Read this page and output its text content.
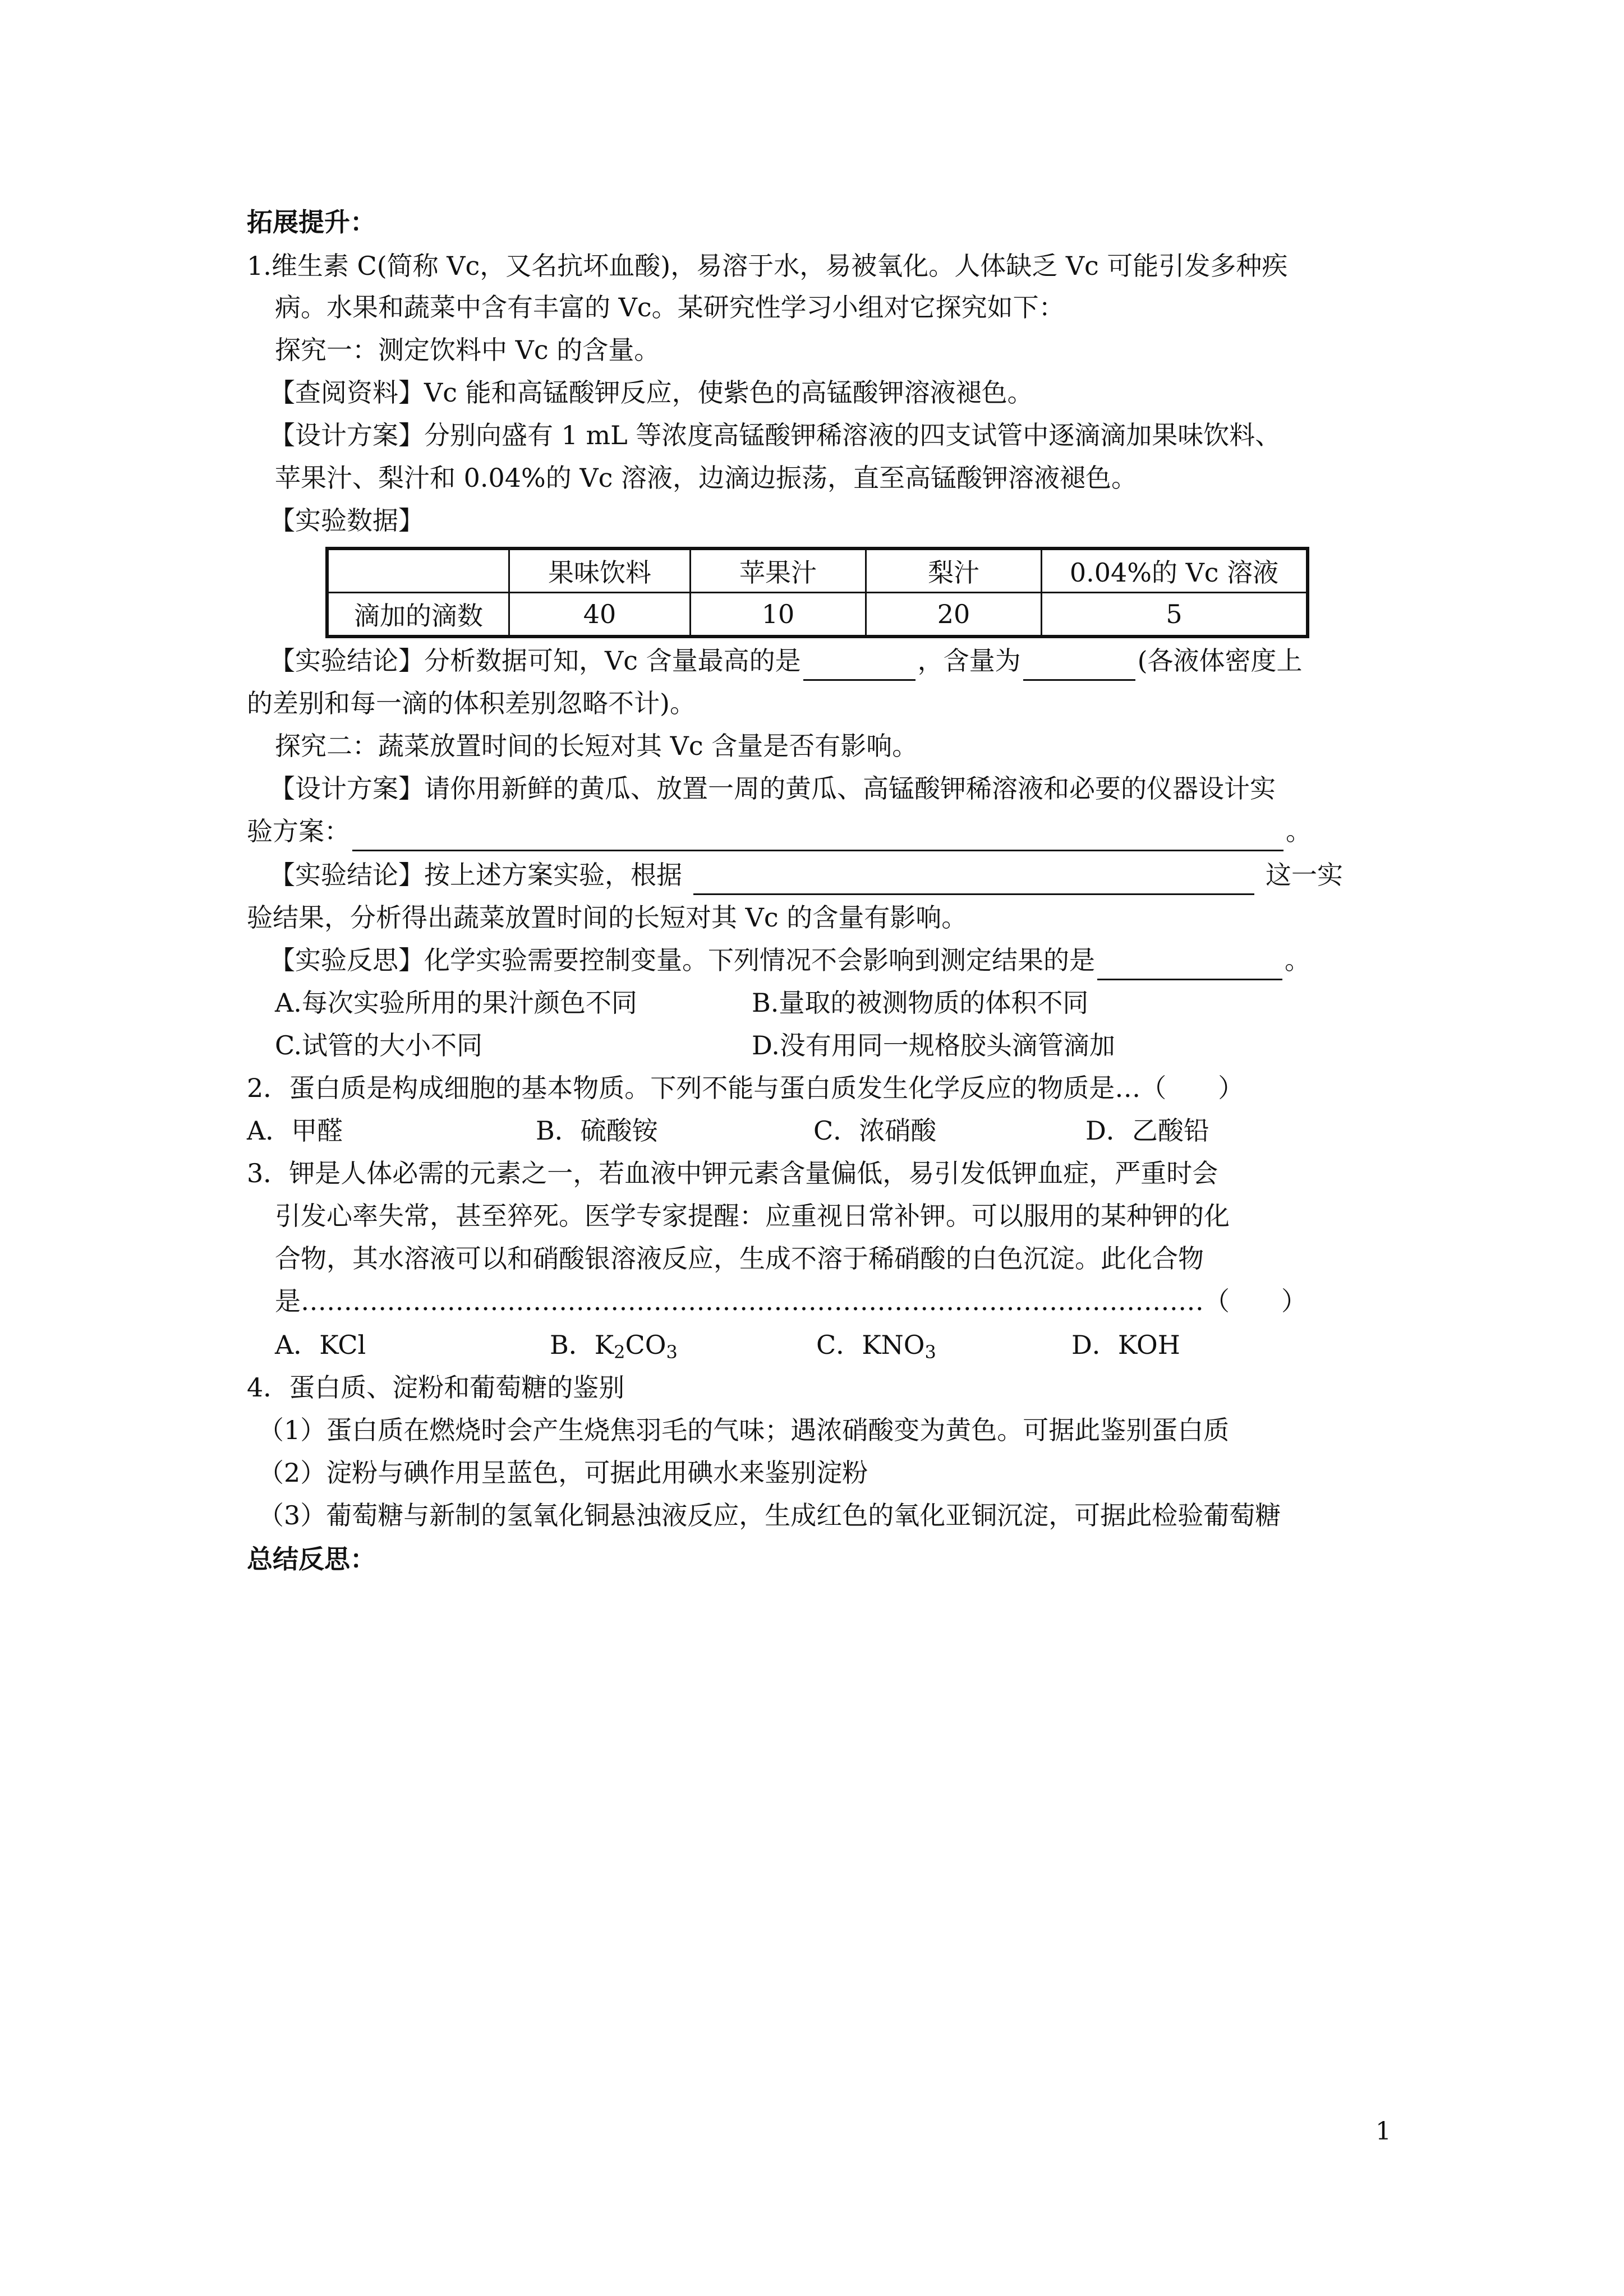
拓展提升：
1.维生素 C(简称 Vc，又名抗坏血酸)，易溶于水，易被氧化。人体缺乏 Vc 可能引发多种疾
病。水果和蔬菜中含有丰富的 Vc。某研究性学习小组对它探究如下：
探究一：测定饮料中 Vc 的含量。
【查阅资料】Vc 能和高锰酸钾反应，使紫色的高锰酸钾溶液褪色。
【设计方案】分别向盛有 1 mL 等浓度高锰酸钾稀溶液的四支试管中逐滴滴加果味饮料、
苹果汁、梨汁和 0.04%的 Vc 溶液，边滴边振荡，直至高锰酸钾溶液褪色。
【实验数据】
	果味饮料	苹果汁	梨汁	0.04%的 Vc 溶液
滴加的滴数	40	10	20	5
【实验结论】分析数据可知，Vc 含量最高的是	，含量为	(各液体密度上
的差别和每一滴的体积差别忽略不计)。
探究二：蔬菜放置时间的长短对其 Vc 含量是否有影响。
【设计方案】请你用新鲜的黄瓜、放置一周的黄瓜、高锰酸钾稀溶液和必要的仪器设计实
验方案：	。
【实验结论】按上述方案实验，根据	这一实
验结果，分析得出蔬菜放置时间的长短对其 Vc 的含量有影响。
【实验反思】化学实验需要控制变量。下列情况不会影响到测定结果的是	。
A.每次实验所用的果汁颜色不同	B.量取的被测物质的体积不同
C.试管的大小不同	D.没有用同一规格胶头滴管滴加
2．蛋白质是构成细胞的基本物质。下列不能与蛋白质发生化学反应的物质是…（　　）
A．甲醛	B．硫酸铵	C．浓硝酸	D．乙酸铅
3．钾是人体必需的元素之一，若血液中钾元素含量偏低，易引发低钾血症，严重时会
引发心率失常，甚至猝死。医学专家提醒：应重视日常补钾。可以服用的某种钾的化
合物，其水溶液可以和硝酸银溶液反应，生成不溶于稀硝酸的白色沉淀。此化合物
是……………………………………………………………………………………………（　　）
A．KCl	B．$K_2CO_3$	C．$KNO_3$	D．KOH
4．蛋白质、淀粉和葡萄糖的鉴别
（1）蛋白质在燃烧时会产生烧焦羽毛的气味；遇浓硝酸变为黄色。可据此鉴别蛋白质
（2）淀粉与碘作用呈蓝色，可据此用碘水来鉴别淀粉
（3）葡萄糖与新制的氢氧化铜悬浊液反应，生成红色的氧化亚铜沉淀，可据此检验葡萄糖
总结反思：
1
